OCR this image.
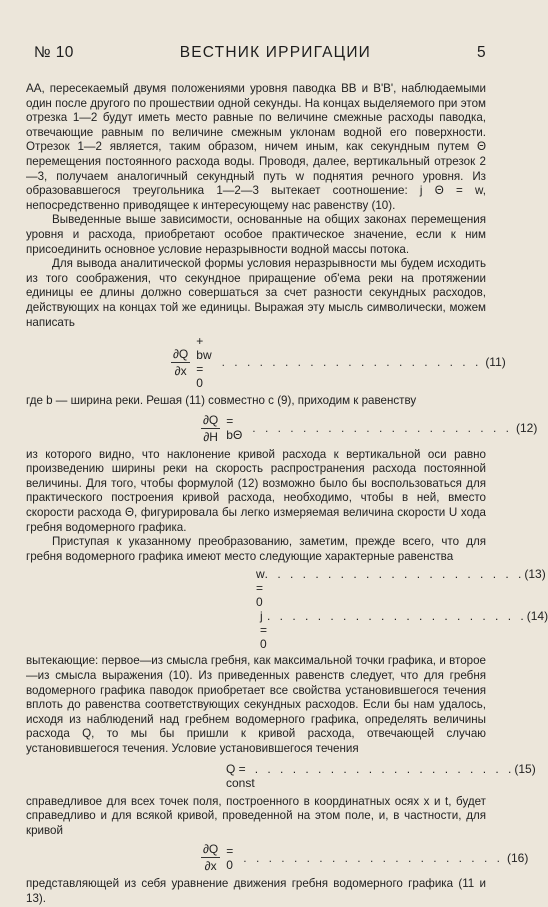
№ 10	ВЕСТНИК ИРРИГАЦИИ	5

AA, пересекаемый двумя положениями уровня паводка BB и B'B', наблюдаемыми один после другого по прошествии одной секунды. На концах выделяемого при этом отрезка 1—2 будут иметь место равные по величине смежные расходы паводка, отвечающие равным по величине смежным уклонам водной его поверхности. Отрезок 1—2 является, таким образом, ничем иным, как секундным путем Θ перемещения постоянного расхода воды. Проводя, далее, вертикальный отрезок 2—3, получаем аналогичный секундный путь w поднятия речного уровня. Из образовавшегося треугольника 1—2—3 вытекает соотношение: j Θ = w, непосредственно приводящее к интересующему нас равенству (10).

Выведенные выше зависимости, основанные на общих законах перемещения уровня и расхода, приобретают особое практическое значение, если к ним присоединить основное условие неразрывности водной массы потока.

Для вывода аналитической формы условия неразрывности мы будем исходить из того соображения, что секундное приращение об'ема реки на протяжении единицы ее длины должно совершаться за счет разности секундных расходов, действующих на концах той же единицы. Выражая эту мысль символически, можем написать

$\frac{\partial Q}{\partial x}$
+ bw = 0
. . . . . . . . . . . . . . . . . . . . . (11)

где b — ширина реки. Решая (11) совместно с (9), приходим к равенству

$\frac{\partial Q}{\partial H} = b\Theta$ . . . . . . . . . . . . . . . . . . . . . (12)

из которого видно, что наклонение кривой расхода к вертикальной оси равно произведению ширины реки на скорость распространения расхода постоянной величины. Для того, чтобы формулой (12) возможно было бы воспользоваться для практического построения кривой расхода, необходимо, чтобы в ней, вместо скорости расхода Θ, фигурировала бы легко измеряемая величина скорости U хода гребня водомерного графика.

Приступая к указанному преобразованию, заметим, прежде всего, что для гребня водомерного графика имеют место следующие характерные равенства

w = 0
. . . . . . . . . . . . . . . . . . . . . (13)
j = 0
. . . . . . . . . . . . . . . . . . . . . (14)

вытекающие: первое—из смысла гребня, как максимальной точки графика, и второе—из смысла выражения (10). Из приведенных равенств следует, что для гребня водомерного графика паводок приобретает все свойства установившегося течения вплоть до равенства соответствующих секундных расходов. Если бы нам удалось, исходя из наблюдений над гребнем водомерного графика, определять величины расхода Q, то мы бы пришли к кривой расхода, отвечающей случаю установившегося течения. Условие установившегося течения

Q = const
. . . . . . . . . . . . . . . . . . . . . (15)

справедливое для всех точек поля, построенного в координатных осях x и t, будет справедливо и для всякой кривой, проведенной на этом поле, и, в частности, для кривой

$\frac{\partial Q}{\partial x} = 0$ . . . . . . . . . . . . . . . . . . . . . (16)

представляющей из себя уравнение движения гребня водомерного графика (11 и 13).
